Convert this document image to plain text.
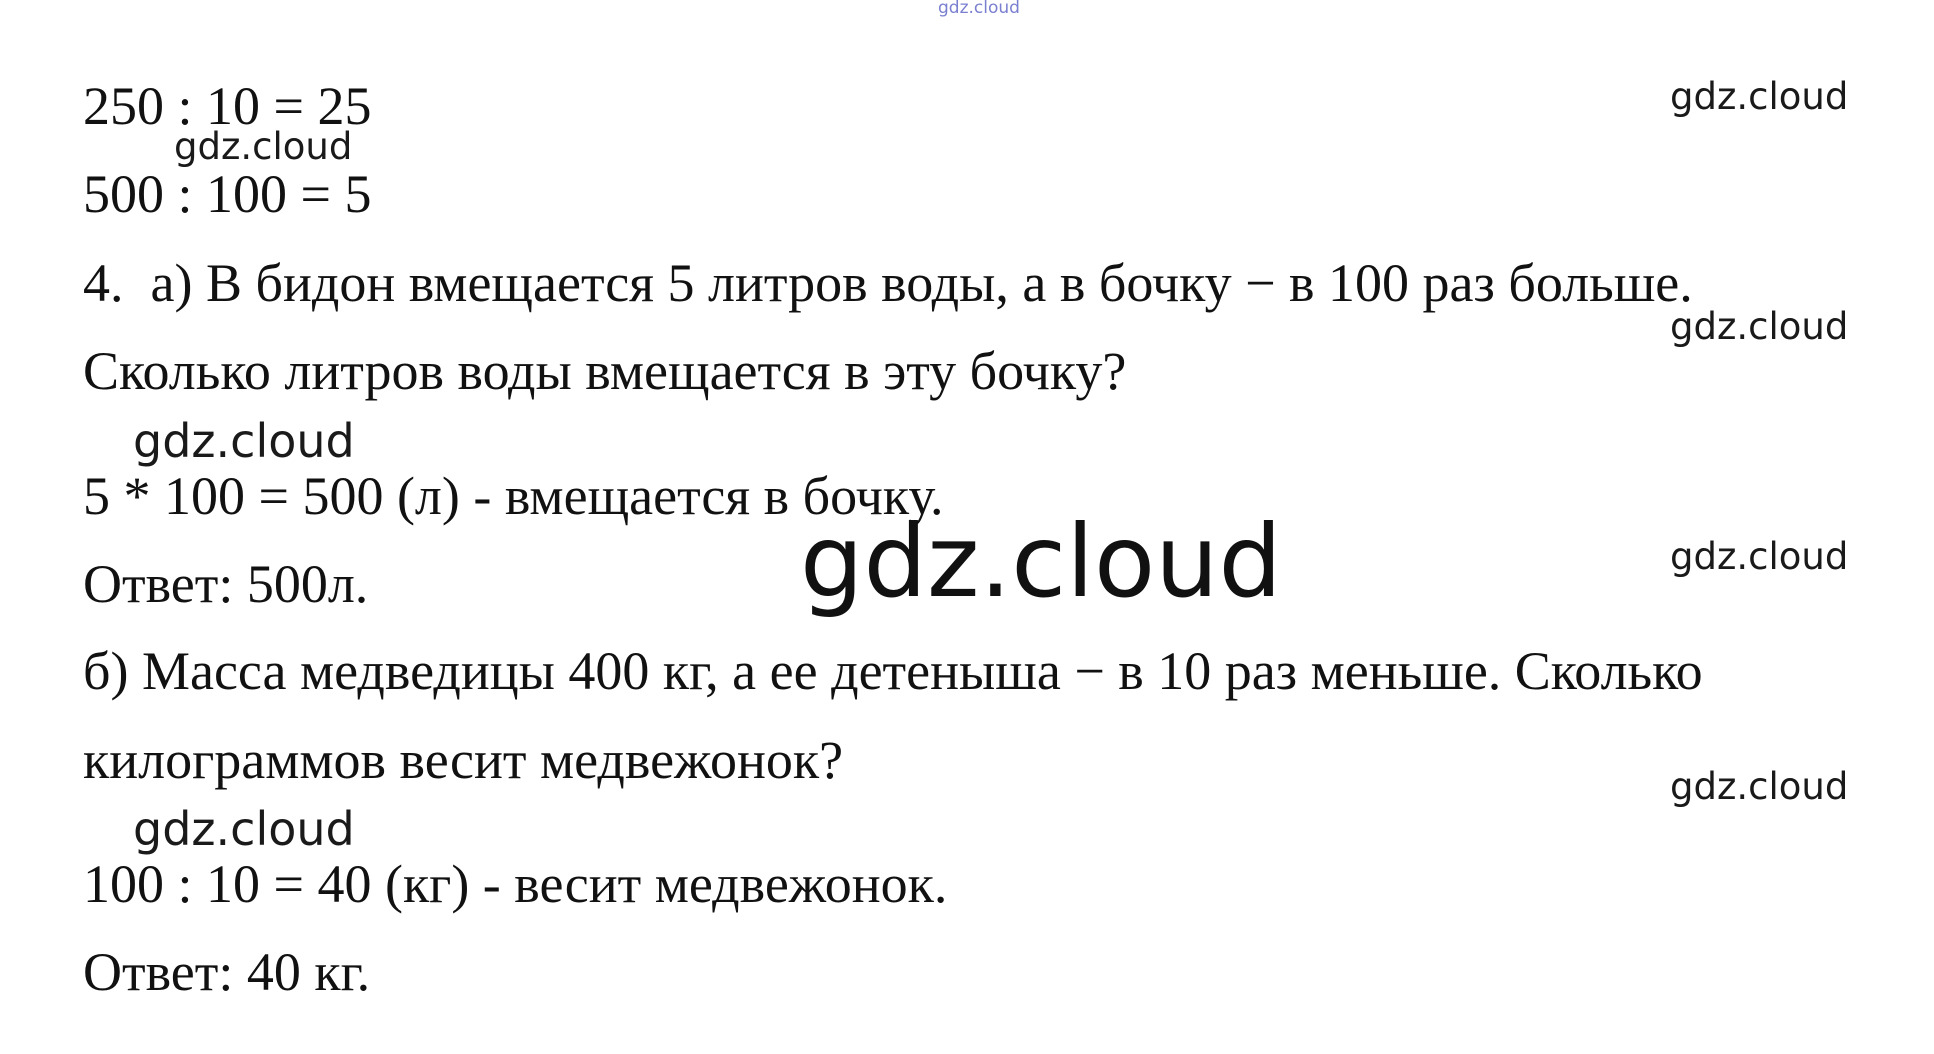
gdz.cloud
gdz.cloud
gdz.cloud
gdz.cloud
gdz.cloud
gdz.cloud
gdz.cloud
gdz.cloud
gdz.cloud
250 : 10 = 25
500 : 100 = 5
4.  а) В бидон вмещается 5 литров воды, а в бочку − в 100 раз больше.
Сколько литров воды вмещается в эту бочку?
5 * 100 = 500 (л) - вмещается в бочку.
Ответ: 500л.
б) Масса медведицы 400 кг, а ее детеныша − в 10 раз меньше. Сколько
килограммов весит медвежонок?
100 : 10 = 40 (кг) - весит медвежонок.
Ответ: 40 кг.
